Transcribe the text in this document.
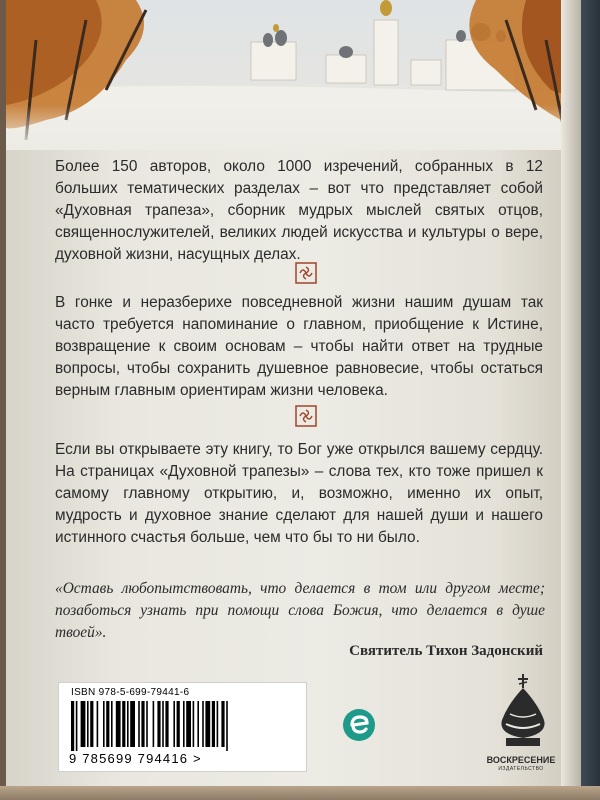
Более 150 авторов, около 1000 изречений, собранных в 12 больших тематических разделах – вот что представляет собой «Духовная трапеза», сборник мудрых мыслей святых отцов, священнослужителей, великих людей искусства и культуры о вере, духовной жизни, насущных делах.
В гонке и неразберихе повседневной жизни нашим душам так часто требуется напоминание о главном, приобщение к Истине, возвращение к своим основам – чтобы найти ответ на трудные вопросы, чтобы сохранить душевное равновесие, чтобы остаться верным главным ориентирам жизни человека.
Если вы открываете эту книгу, то Бог уже открылся вашему сердцу. На страницах «Духовной трапезы» – слова тех, кто тоже пришел к самому главному открытию, и, возможно, именно их опыт, мудрость и духовное знание сделают для нашей души и нашего истинного счастья больше, чем что бы то ни было.
«Оставь любопытствовать, что делается в том или другом месте; позаботься узнать при помощи слова Божия, что делается в душе твоей».
Святитель Тихон Задонский
ISBN 978-5-699-79441-6
9 785699 794416 >	ВОСКРЕСЕНИЕ
ИЗДАТЕЛЬСТВО
